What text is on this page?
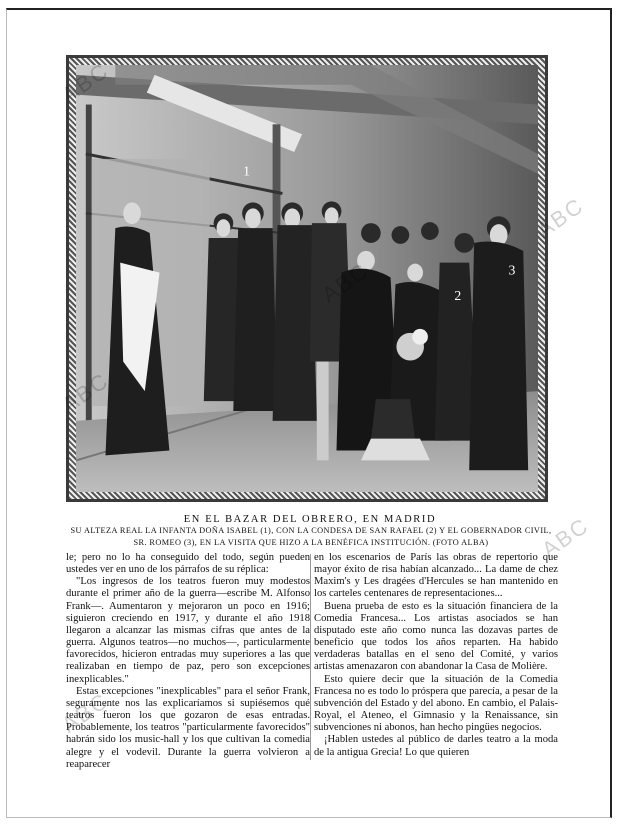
1
2
3
EN EL BAZAR DEL OBRERO, EN MADRID
SU ALTEZA REAL LA INFANTA DOÑA ISABEL (1), CON LA CONDESA DE SAN RAFAEL (2) Y EL GOBERNADOR CIVIL,
SR. ROMEO (3), EN LA VISITA QUE HIZO A LA BENÉFICA INSTITUCIÓN. (FOTO ALBA)

le; pero no lo ha conseguido del todo, según pueden ustedes ver en uno de los párrafos de su réplica:

"Los ingresos de los teatros fueron muy modestos durante el primer año de la guerra—escribe M. Alfonso Frank—. Aumentaron y mejoraron un poco en 1916; siguieron creciendo en 1917, y durante el año 1918 llegaron a alcanzar las mismas cifras que antes de la guerra. Algunos teatros—no muchos—, particularmente favorecidos, hicieron entradas muy superiores a las que realizaban en tiempo de paz, pero son excepciones inexplicables."

Estas excepciones "inexplicables" para el señor Frank, seguramente nos las explicaríamos si supiésemos qué teatros fueron los que gozaron de esas entradas. Probablemente, los teatros "particularmente favorecidos" habrán sido los music-hall y los que cultivan la comedia alegre y el vodevil. Durante la guerra volvieron a reaparecer

en los escenarios de París las obras de repertorio que mayor éxito de risa habían alcanzado... La dame de chez Maxim's y Les dragées d'Hercules se han mantenido en los carteles centenares de representaciones...

Buena prueba de esto es la situación financiera de la Comedia Francesa... Los artistas asociados se han disputado este año como nunca las dozavas partes de beneficio que todos los años reparten. Ha habido verdaderas batallas en el seno del Comité, y varios artistas amenazaron con abandonar la Casa de Molière.

Esto quiere decir que la situación de la Comedia Francesa no es todo lo próspera que parecía, a pesar de la subvención del Estado y del abono. En cambio, el Palais-Royal, el Ateneo, el Gimnasio y la Renaissance, sin subvenciones ni abonos, han hecho pingües negocios.

¡Hablen ustedes al público de darles teatro a la moda de la antigua Grecia! Lo que quieren

ABC
ABC
ABC
